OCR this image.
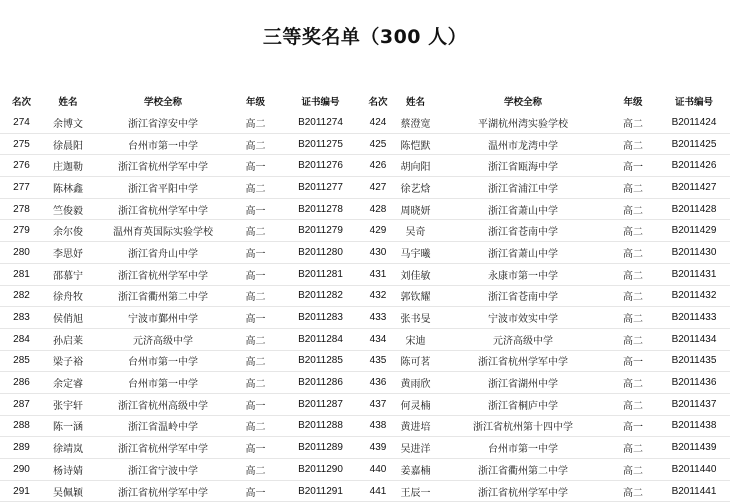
三等奖名单（300 人）
名次	姓名	学校全称	年级	证书编号	名次	姓名	学校全称	年级	证书编号
274	余博文	浙江省淳安中学	高二	B2011274	424	蔡澄宽	平湖杭州湾实验学校	高二	B2011424
275	徐晨阳	台州市第一中学	高二	B2011275	425	陈恺默	温州市龙湾中学	高二	B2011425
276	庄迦勒	浙江省杭州学军中学	高一	B2011276	426	胡向阳	浙江省瓯海中学	高一	B2011426
277	陈林鑫	浙江省平阳中学	高二	B2011277	427	徐艺焓	浙江省浦江中学	高二	B2011427
278	竺俊毅	浙江省杭州学军中学	高一	B2011278	428	周晓妍	浙江省萧山中学	高二	B2011428
279	余尔俊	温州育英国际实验学校	高二	B2011279	429	吴奇	浙江省苍南中学	高二	B2011429
280	李思妤	浙江省舟山中学	高一	B2011280	430	马宇曦	浙江省萧山中学	高二	B2011430
281	邵慕宁	浙江省杭州学军中学	高一	B2011281	431	刘佳敏	永康市第一中学	高二	B2011431
282	徐舟牧	浙江省衢州第二中学	高二	B2011282	432	郭钦耀	浙江省苍南中学	高二	B2011432
283	侯俏旭	宁波市鄞州中学	高一	B2011283	433	张书旻	宁波市效实中学	高二	B2011433
284	孙启莱	元济高级中学	高二	B2011284	434	宋迪	元济高级中学	高二	B2011434
285	梁子裕	台州市第一中学	高二	B2011285	435	陈可茗	浙江省杭州学军中学	高一	B2011435
286	余定睿	台州市第一中学	高二	B2011286	436	黄雨欣	浙江省湖州中学	高二	B2011436
287	张宇轩	浙江省杭州高级中学	高一	B2011287	437	何灵楠	浙江省桐庐中学	高二	B2011437
288	陈一涵	浙江省温岭中学	高二	B2011288	438	黄进培	浙江省杭州第十四中学	高一	B2011438
289	徐靖岚	浙江省杭州学军中学	高一	B2011289	439	吴进洋	台州市第一中学	高二	B2011439
290	杨诗婧	浙江省宁波中学	高二	B2011290	440	姜嘉楠	浙江省衢州第二中学	高二	B2011440
291	吴佩颖	浙江省杭州学军中学	高一	B2011291	441	王辰一	浙江省杭州学军中学	高二	B2011441
